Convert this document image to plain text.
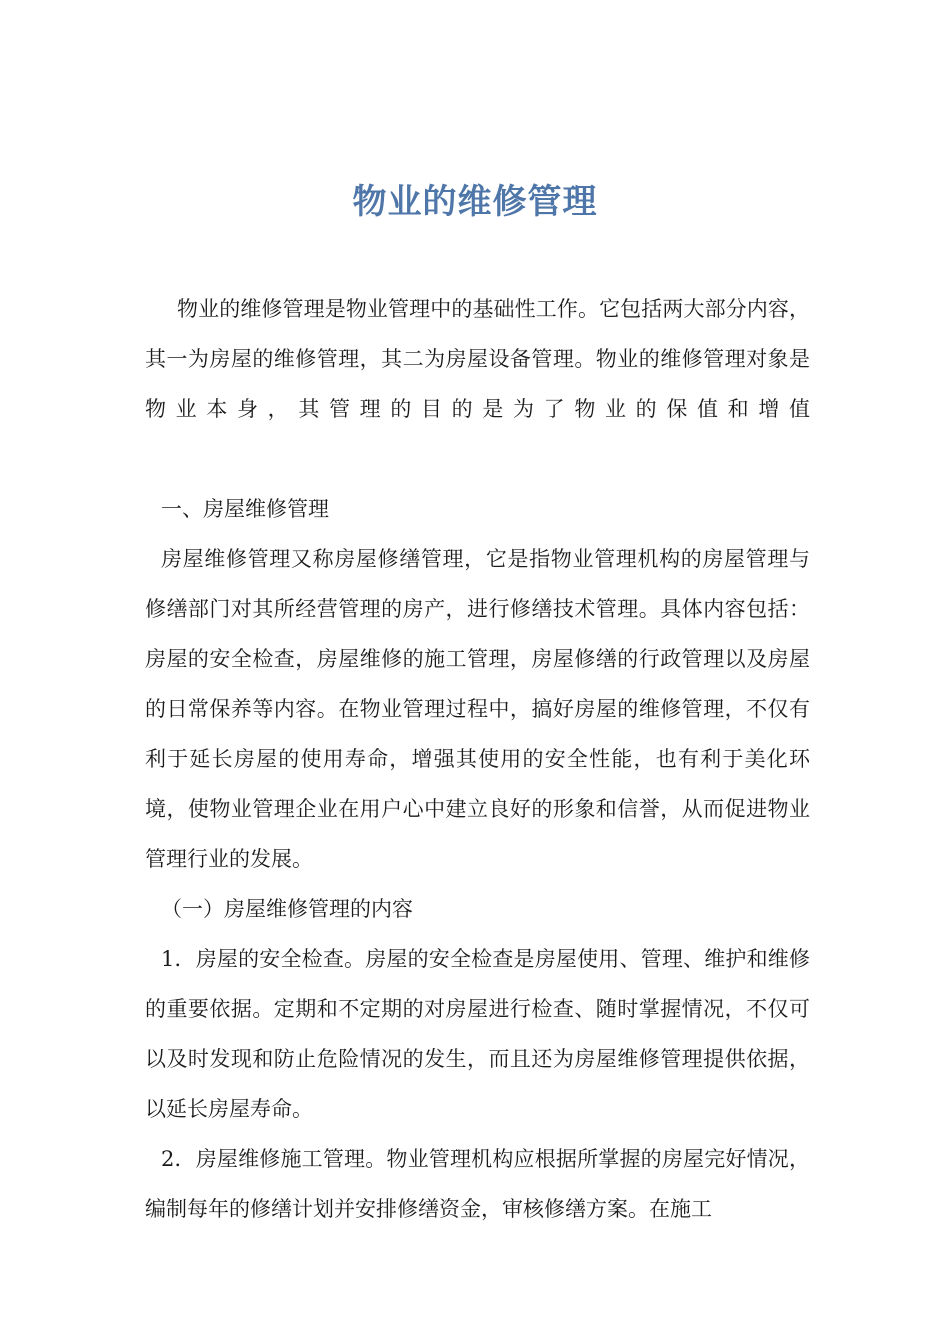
物业的维修管理

物业的维修管理是物业管理中的基础性工作。它包括两大部分内容，其一为房屋的维修管理，其二为房屋设备管理。物业的维修管理对象是物业本身，其管理的目的是为了物业的保值和增值

一、房屋维修管理

房屋维修管理又称房屋修缮管理，它是指物业管理机构的房屋管理与修缮部门对其所经营管理的房产，进行修缮技术管理。具体内容包括：房屋的安全检查，房屋维修的施工管理，房屋修缮的行政管理以及房屋的日常保养等内容。在物业管理过程中，搞好房屋的维修管理，不仅有利于延长房屋的使用寿命，增强其使用的安全性能，也有利于美化环境，使物业管理企业在用户心中建立良好的形象和信誉，从而促进物业管理行业的发展。

（一）房屋维修管理的内容

1．房屋的安全检查。房屋的安全检查是房屋使用、管理、维护和维修的重要依据。定期和不定期的对房屋进行检查、随时掌握情况，不仅可以及时发现和防止危险情况的发生，而且还为房屋维修管理提供依据，以延长房屋寿命。

2．房屋维修施工管理。物业管理机构应根据所掌握的房屋完好情况，编制每年的修缮计划并安排修缮资金，审核修缮方案。在施工
